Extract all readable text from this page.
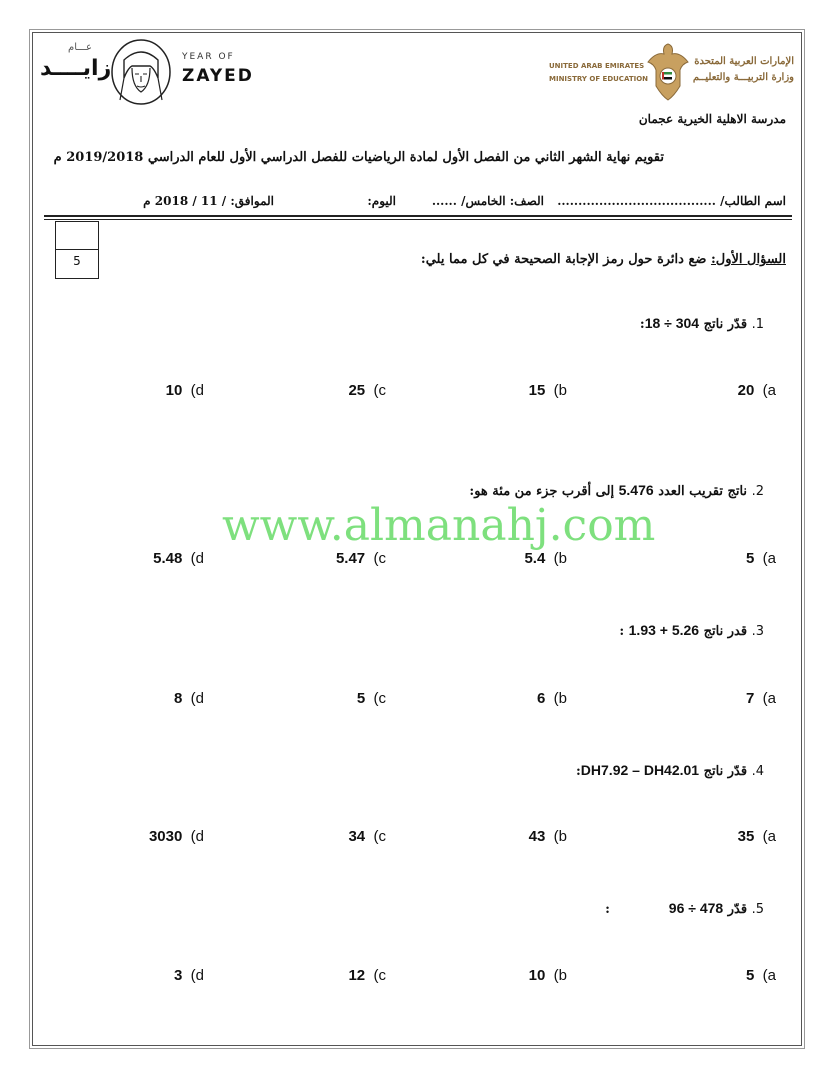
عـــام
زايــــد	YEAR OF
ZAYED	UNITED ARAB EMIRATES
MINISTRY OF EDUCATION
الإمارات العربية المتحدة
وزارة التربيـــة والتعليــم
مدرسة الاهلية الخيرية عجمان
تقويم نهاية الشهر الثاني من الفصل الأول لمادة الرياضيات للفصل الدراسي الأول للعام الدراسي 2019/2018 م
اسم الطالب/ ......................................
الصف: الخامس/ ......
اليوم:
الموافق: / 11 / 2018 م
5	السؤال الأول: ضع دائرة حول رمز الإجابة الصحيحة في كل مما يلي:
1. قدّر ناتج 18 ÷ 304:
20 (a
15 (b
25 (c
10 (d
2. ناتج تقريب العدد 5.476 إلى أقرب جزء من مئة هو:
5 (a
5.4 (b
5.47 (c
5.48 (d
3. قدر ناتج 1.93 + 5.26 :
7 (a
6 (b
5 (c
8 (d
4. قدّر ناتج DH7.92 – DH42.01:
35 (a
43 (b
34 (c
3030 (d
5. قدّر 96 ÷ 478             :
5 (a
10 (b
12 (c
3 (d
www.almanahj.com
